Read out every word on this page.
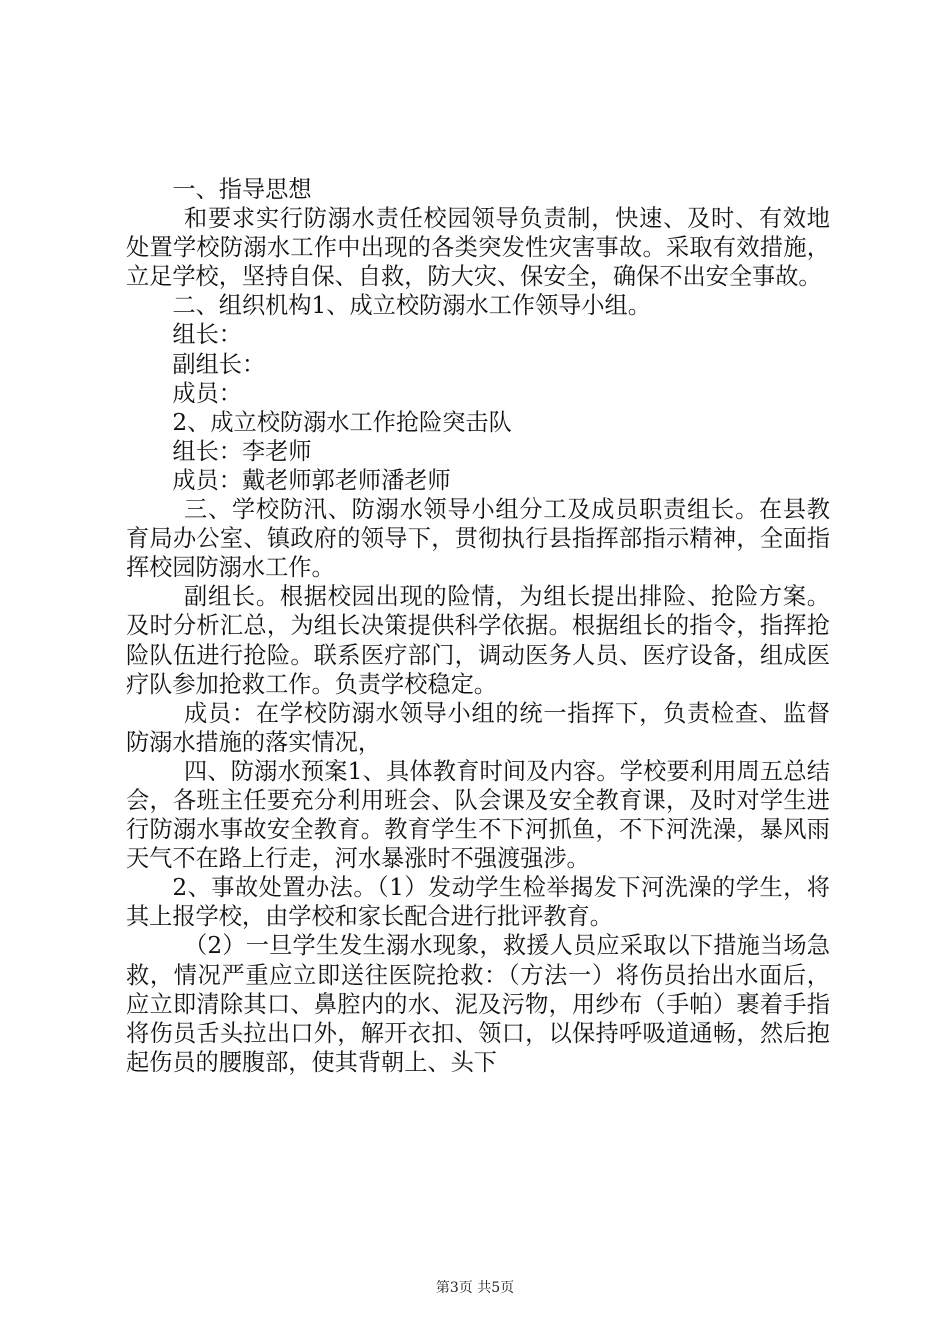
一、指导思想

和要求实行防溺水责任校园领导负责制，快速、及时、有效地处置学校防溺水工作中出现的各类突发性灾害事故。采取有效措施，立足学校，坚持自保、自救，防大灾、保安全，确保不出安全事故。

二、组织机构1、成立校防溺水工作领导小组。

组长：

副组长：

成员：

2、成立校防溺水工作抢险突击队

组长：李老师

成员：戴老师郭老师潘老师

三、学校防汛、防溺水领导小组分工及成员职责组长。在县教育局办公室、镇政府的领导下，贯彻执行县指挥部指示精神，全面指挥校园防溺水工作。

副组长。根据校园出现的险情，为组长提出排险、抢险方案。及时分析汇总，为组长决策提供科学依据。根据组长的指令，指挥抢险队伍进行抢险。联系医疗部门，调动医务人员、医疗设备，组成医疗队参加抢救工作。负责学校稳定。

成员：在学校防溺水领导小组的统一指挥下，负责检查、监督防溺水措施的落实情况，

四、防溺水预案1、具体教育时间及内容。学校要利用周五总结会，各班主任要充分利用班会、队会课及安全教育课，及时对学生进行防溺水事故安全教育。教育学生不下河抓鱼，不下河洗澡，暴风雨天气不在路上行走，河水暴涨时不强渡强涉。

2、事故处置办法。（1）发动学生检举揭发下河洗澡的学生，将其上报学校，由学校和家长配合进行批评教育。

（2）一旦学生发生溺水现象，救援人员应采取以下措施当场急救，情况严重应立即送往医院抢救：（方法一）将伤员抬出水面后，应立即清除其口、鼻腔内的水、泥及污物，用纱布（手帕）裹着手指将伤员舌头拉出口外，解开衣扣、领口，以保持呼吸道通畅，然后抱起伤员的腰腹部，使其背朝上、头下

第3页 共5页
